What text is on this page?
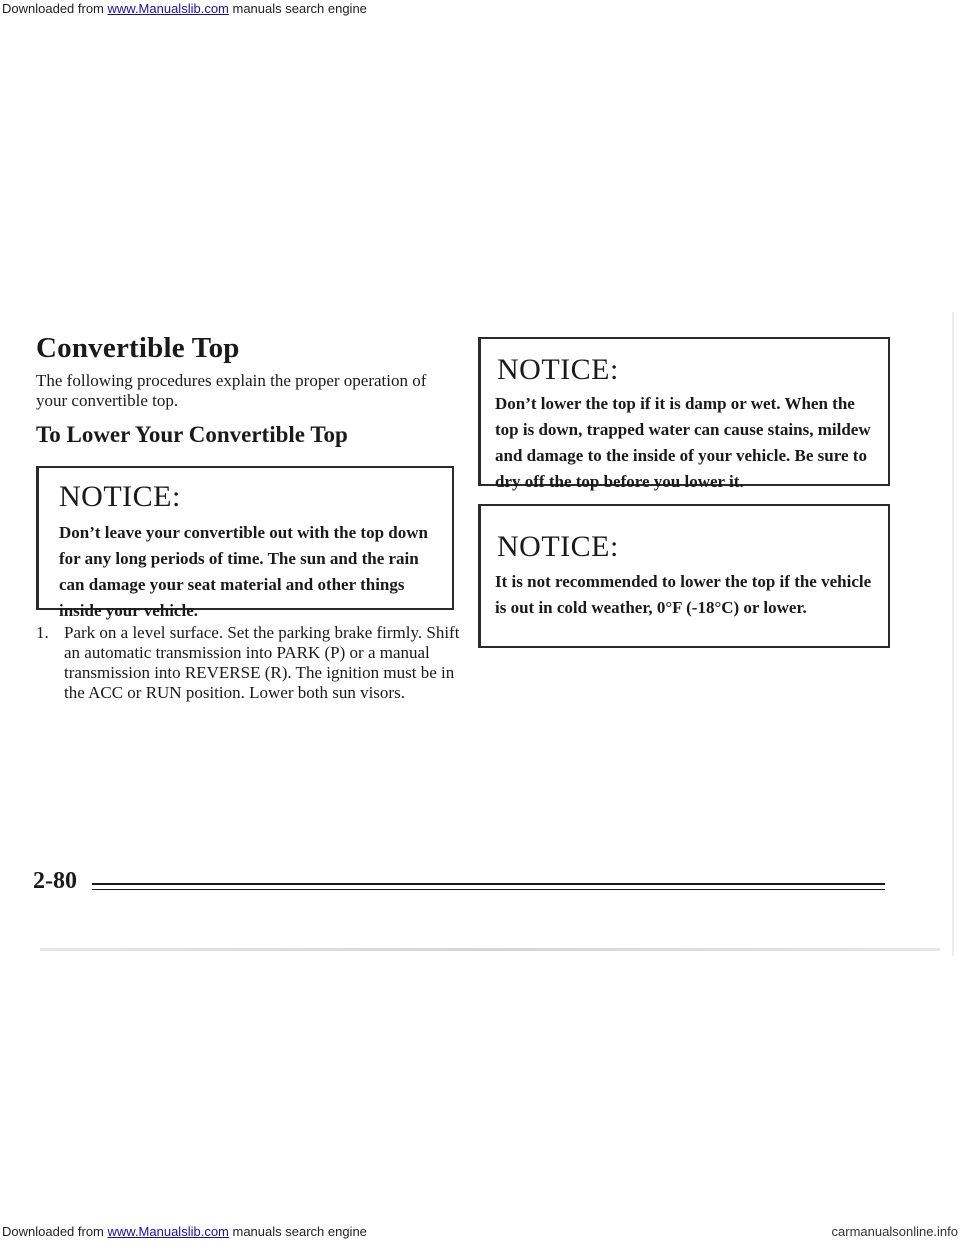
Downloaded from www.Manualslib.com manuals search engine
Convertible Top

The following procedures explain the proper operation of your convertible top.

To Lower Your Convertible Top

NOTICE:

Don’t leave your convertible out with the top down for any long periods of time. The sun and the rain can damage your seat material and other things inside your vehicle.

1. Park on a level surface. Set the parking brake firmly. Shift an automatic transmission into PARK (P) or a manual transmission into REVERSE (R). The ignition must be in the ACC or RUN position. Lower both sun visors.

NOTICE:

Don’t lower the top if it is damp or wet. When the top is down, trapped water can cause stains, mildew and damage to the inside of your vehicle. Be sure to dry off the top before you lower it.

NOTICE:

It is not recommended to lower the top if the vehicle is out in cold weather, 0°F (-18°C) or lower.

2-80
Downloaded from www.Manualslib.com manuals search engine	carmanualsonline.info
